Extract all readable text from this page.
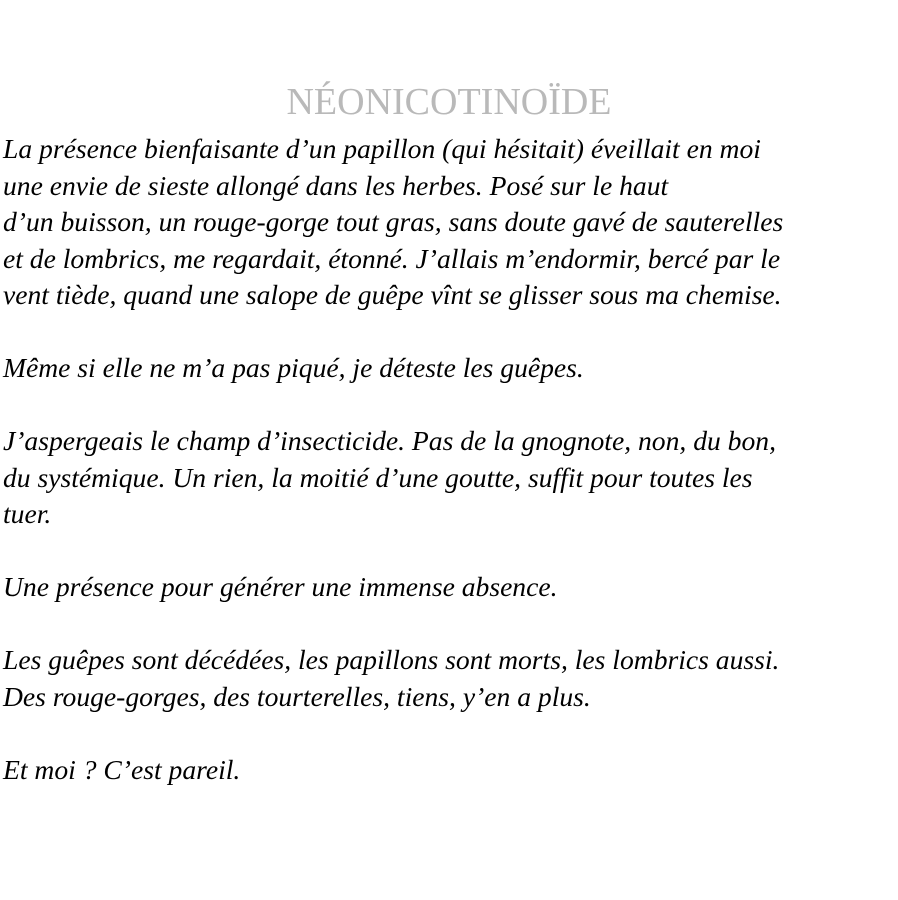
NÉONICOTINOÏDE
La présence bienfaisante d’un papillon (qui hésitait) éveillait en moi
une envie de sieste allongé dans les herbes. Posé sur le haut
d’un buisson, un rouge-gorge tout gras, sans doute gavé de sauterelles
et de lombrics, me regardait, étonné. J’allais m’endormir, bercé par le
vent tiède, quand une salope de guêpe vînt se glisser sous ma chemise.
Même si elle ne m’a pas piqué, je déteste les guêpes.
J’aspergeais le champ d’insecticide. Pas de la gnognote, non, du bon,
du systémique. Un rien, la moitié d’une goutte, suffit pour toutes les
tuer.
Une présence pour générer une immense absence.
Les guêpes sont décédées, les papillons sont morts, les lombrics aussi.
Des rouge-gorges, des tourterelles, tiens, y’en a plus.
Et moi ? C’est pareil.
